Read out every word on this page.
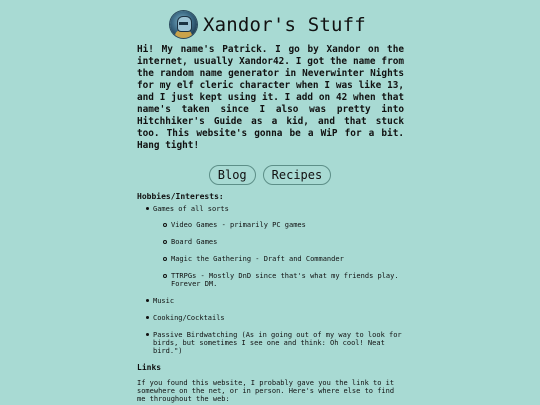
Xandor's Stuff

Hi! My name's Patrick. I go by Xandor on the internet, usually Xandor42. I got the name from the random name generator in Neverwinter Nights for my elf cleric character when I was like 13, and I just kept using it. I add on 42 when that name's taken since I also was pretty into Hitchhiker's Guide as a kid, and that stuck too. This website's gonna be a WiP for a bit. Hang tight!

Blog	Recipes
Hobbies/Interests:
Games of all sorts
Video Games - primarily PC games
Board Games
Magic the Gathering - Draft and Commander
TTRPGs - Mostly DnD since that's what my friends play. Forever DM.
Music
Cooking/Cocktails
Passive Birdwatching (As in going out of my way to look for birds, but sometimes I see one and think: Oh cool! Neat bird.")
Links

If you found this website, I probably gave you the link to it somewhere on the net, or in person. Here's where else to find me throughout the web:
